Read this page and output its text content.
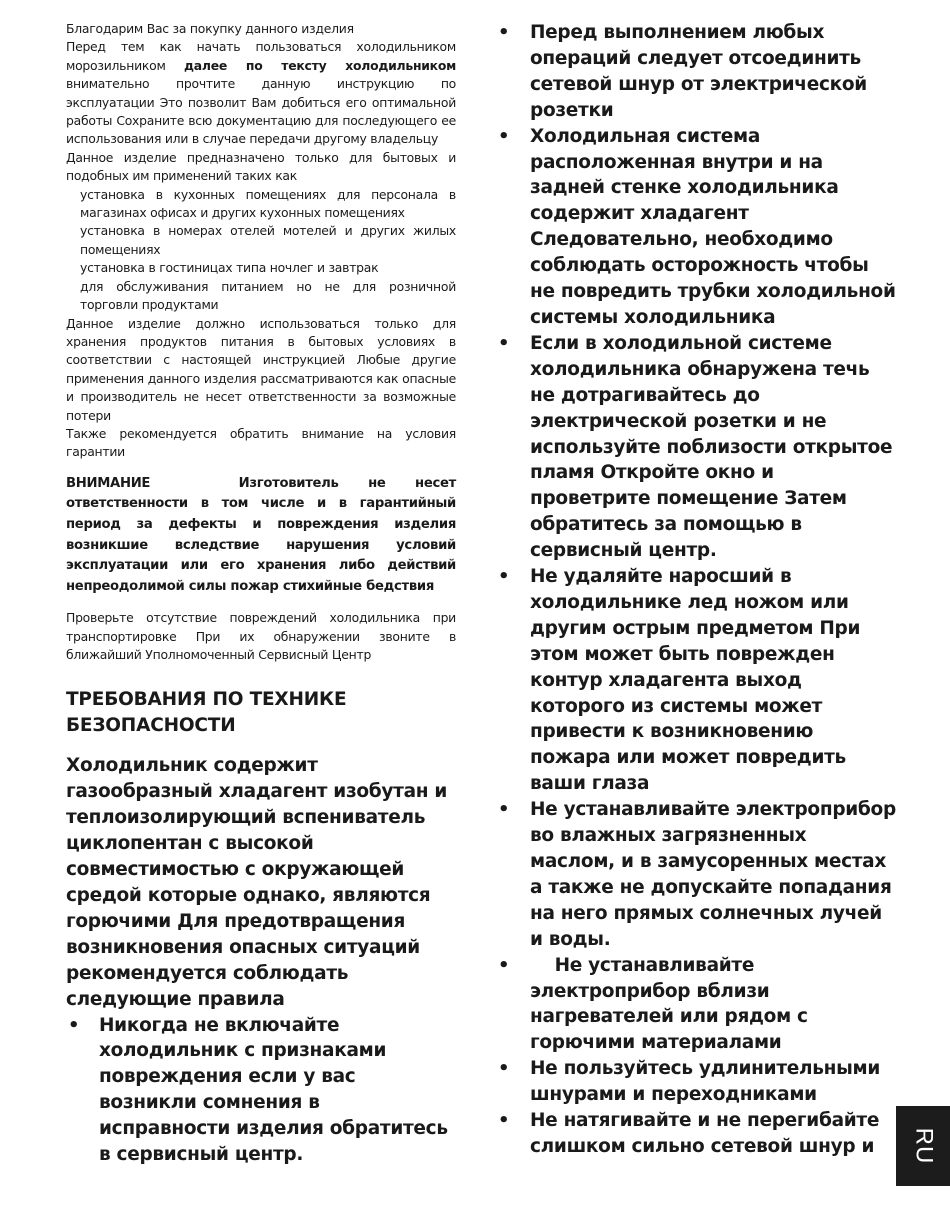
Благодарим Вас за покупку данного изделия

Перед тем как начать пользоваться холодильником морозильником далее по тексту холодильником внимательно прочтите данную инструкцию по эксплуатации Это позволит Вам добиться его оптимальной работы Сохраните всю документацию для последующего ее использования или в случае передачи другому владельцу

Данное изделие предназначено только для бытовых и подобных им применений таких как

установка в кухонных помещениях для персонала в магазинах офисах и других кухонных помещениях

установка в номерах отелей мотелей и других жилых помещениях

установка в гостиницах типа ночлег и завтрак

для обслуживания питанием но не для розничной торговли продуктами

Данное изделие должно использоваться только для хранения продуктов питания в бытовых условиях в соответствии с настоящей инструкцией Любые другие применения данного изделия рассматриваются как опасные и производитель не несет ответственности за возможные потери

Также рекомендуется обратить внимание на условия гарантии

ВНИМАНИЕ	Изготовитель не несет ответственности в том числе и в гарантийный период за дефекты и повреждения изделия возникшие вследствие нарушения условий эксплуатации или его хранения либо действий непреодолимой силы пожар стихийные бедствия

Проверьте отсутствие повреждений холодильника при транспортировке При их обнаружении звоните в ближайший Уполномоченный Сервисный Центр

ТРЕБОВАНИЯ ПО ТЕХНИКЕ БЕЗОПАСНОСТИ

Холодильник содержит газообразный хладагент изобутан и теплоизолирующий вспениватель циклопентан с высокой совместимостью с окружающей средой которые однако, являются горючими Для предотвращения возникновения опасных ситуаций рекомендуется соблюдать следующие правила

• Никогда не включайте холодильник с признаками повреждения если у вас возникли сомнения в исправности изделия обратитесь в сервисный центр.
• Перед выполнением любых операций следует отсоединить сетевой шнур от электрической розетки
• Холодильная система расположенная внутри и на задней стенке холодильника содержит хладагент Следовательно, необходимо соблюдать осторожность чтобы не повредить трубки холодильной системы холодильника
• Если в холодильной системе холодильника обнаружена течь не дотрагивайтесь до электрической розетки и не используйте поблизости открытое пламя Откройте окно и проветрите помещение Затем обратитесь за помощью в сервисный центр.
• Не удаляйте наросший в холодильнике лед ножом или другим острым предметом При этом может быть поврежден контур хладагента выход которого из системы может привести к возникновению пожара или может повредить ваши глаза
• Не устанавливайте электроприбор во влажных загрязненных маслом, и в замусоренных местах а также не допускайте попадания на него прямых солнечных лучей и воды.
• Не устанавливайте электроприбор вблизи нагревателей или рядом с горючими материалами
• Не пользуйтесь удлинительными шнурами и переходниками
• Не натягивайте и не перегибайте слишком сильно сетевой шнур и	RU
